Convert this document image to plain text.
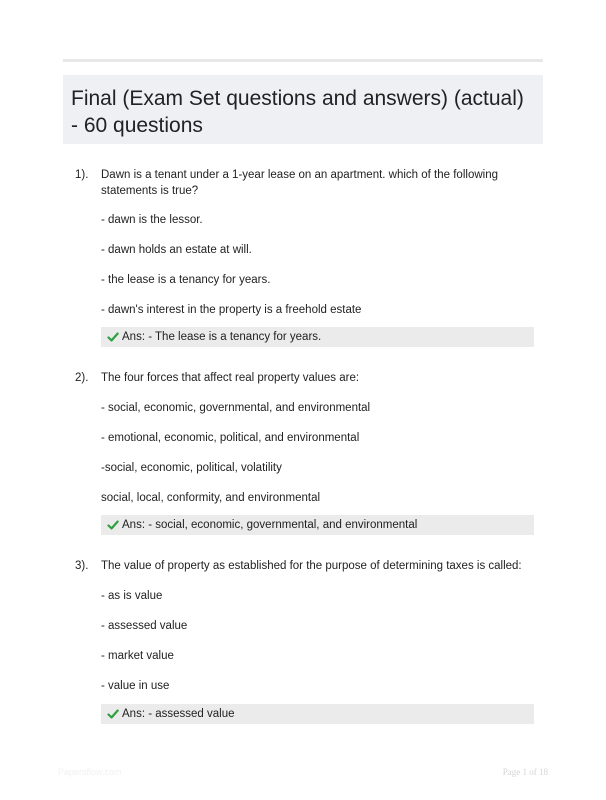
Final (Exam Set questions and answers) (actual) - 60 questions
1). Dawn is a tenant under a 1-year lease on an apartment. which of the following statements is true?
- dawn is the lessor.
- dawn holds an estate at will.
- the lease is a tenancy for years.
- dawn's interest in the property is a freehold estate
Ans: - The lease is a tenancy for years.
2). The four forces that affect real property values are:
- social, economic, governmental, and environmental
- emotional, economic, political, and environmental
-social, economic, political, volatility
social, local, conformity, and environmental
Ans: - social, economic, governmental, and environmental
3). The value of property as established for the purpose of determining taxes is called:
- as is value
- assessed value
- market value
- value in use
Ans: - assessed value
Papersflow.com	Page 1 of 18
